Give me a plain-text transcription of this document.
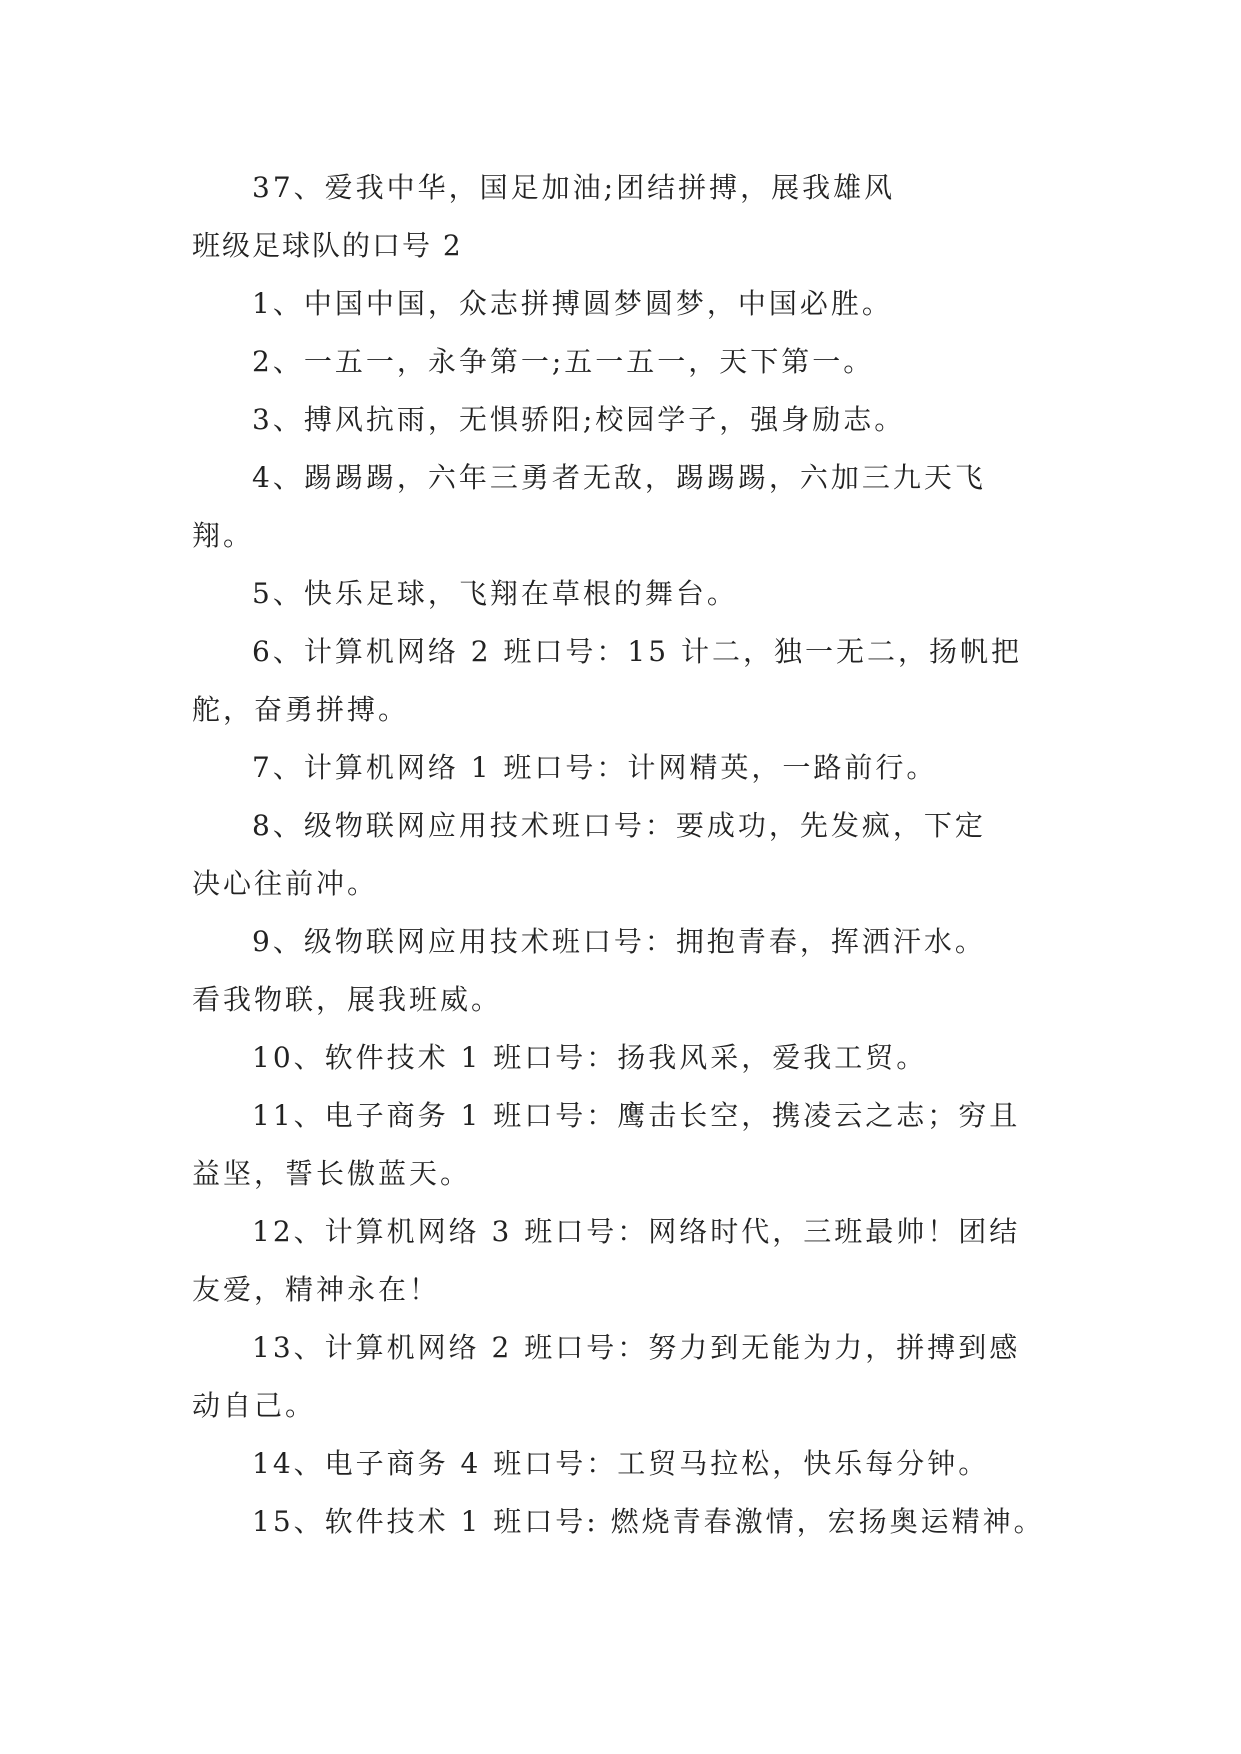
37、爱我中华，国足加油;团结拼搏，展我雄风
班级足球队的口号 2
1、中国中国，众志拼搏圆梦圆梦，中国必胜。
2、一五一，永争第一;五一五一，天下第一。
3、搏风抗雨，无惧骄阳;校园学子，强身励志。
4、踢踢踢，六年三勇者无敌，踢踢踢，六加三九天飞
翔。
5、快乐足球，飞翔在草根的舞台。
6、计算机网络 2 班口号：15 计二，独一无二，扬帆把
舵，奋勇拼搏。
7、计算机网络 1 班口号：计网精英，一路前行。
8、级物联网应用技术班口号：要成功，先发疯，下定
决心往前冲。
9、级物联网应用技术班口号：拥抱青春，挥洒汗水。
看我物联，展我班威。
10、软件技术 1 班口号：扬我风采，爱我工贸。
11、电子商务 1 班口号：鹰击长空，携凌云之志；穷且
益坚，誓长傲蓝天。
12、计算机网络 3 班口号：网络时代，三班最帅！团结
友爱，精神永在！
13、计算机网络 2 班口号：努力到无能为力，拼搏到感
动自己。
14、电子商务 4 班口号：工贸马拉松，快乐每分钟。
15、软件技术 1 班口号: 燃烧青春激情，宏扬奥运精神。
